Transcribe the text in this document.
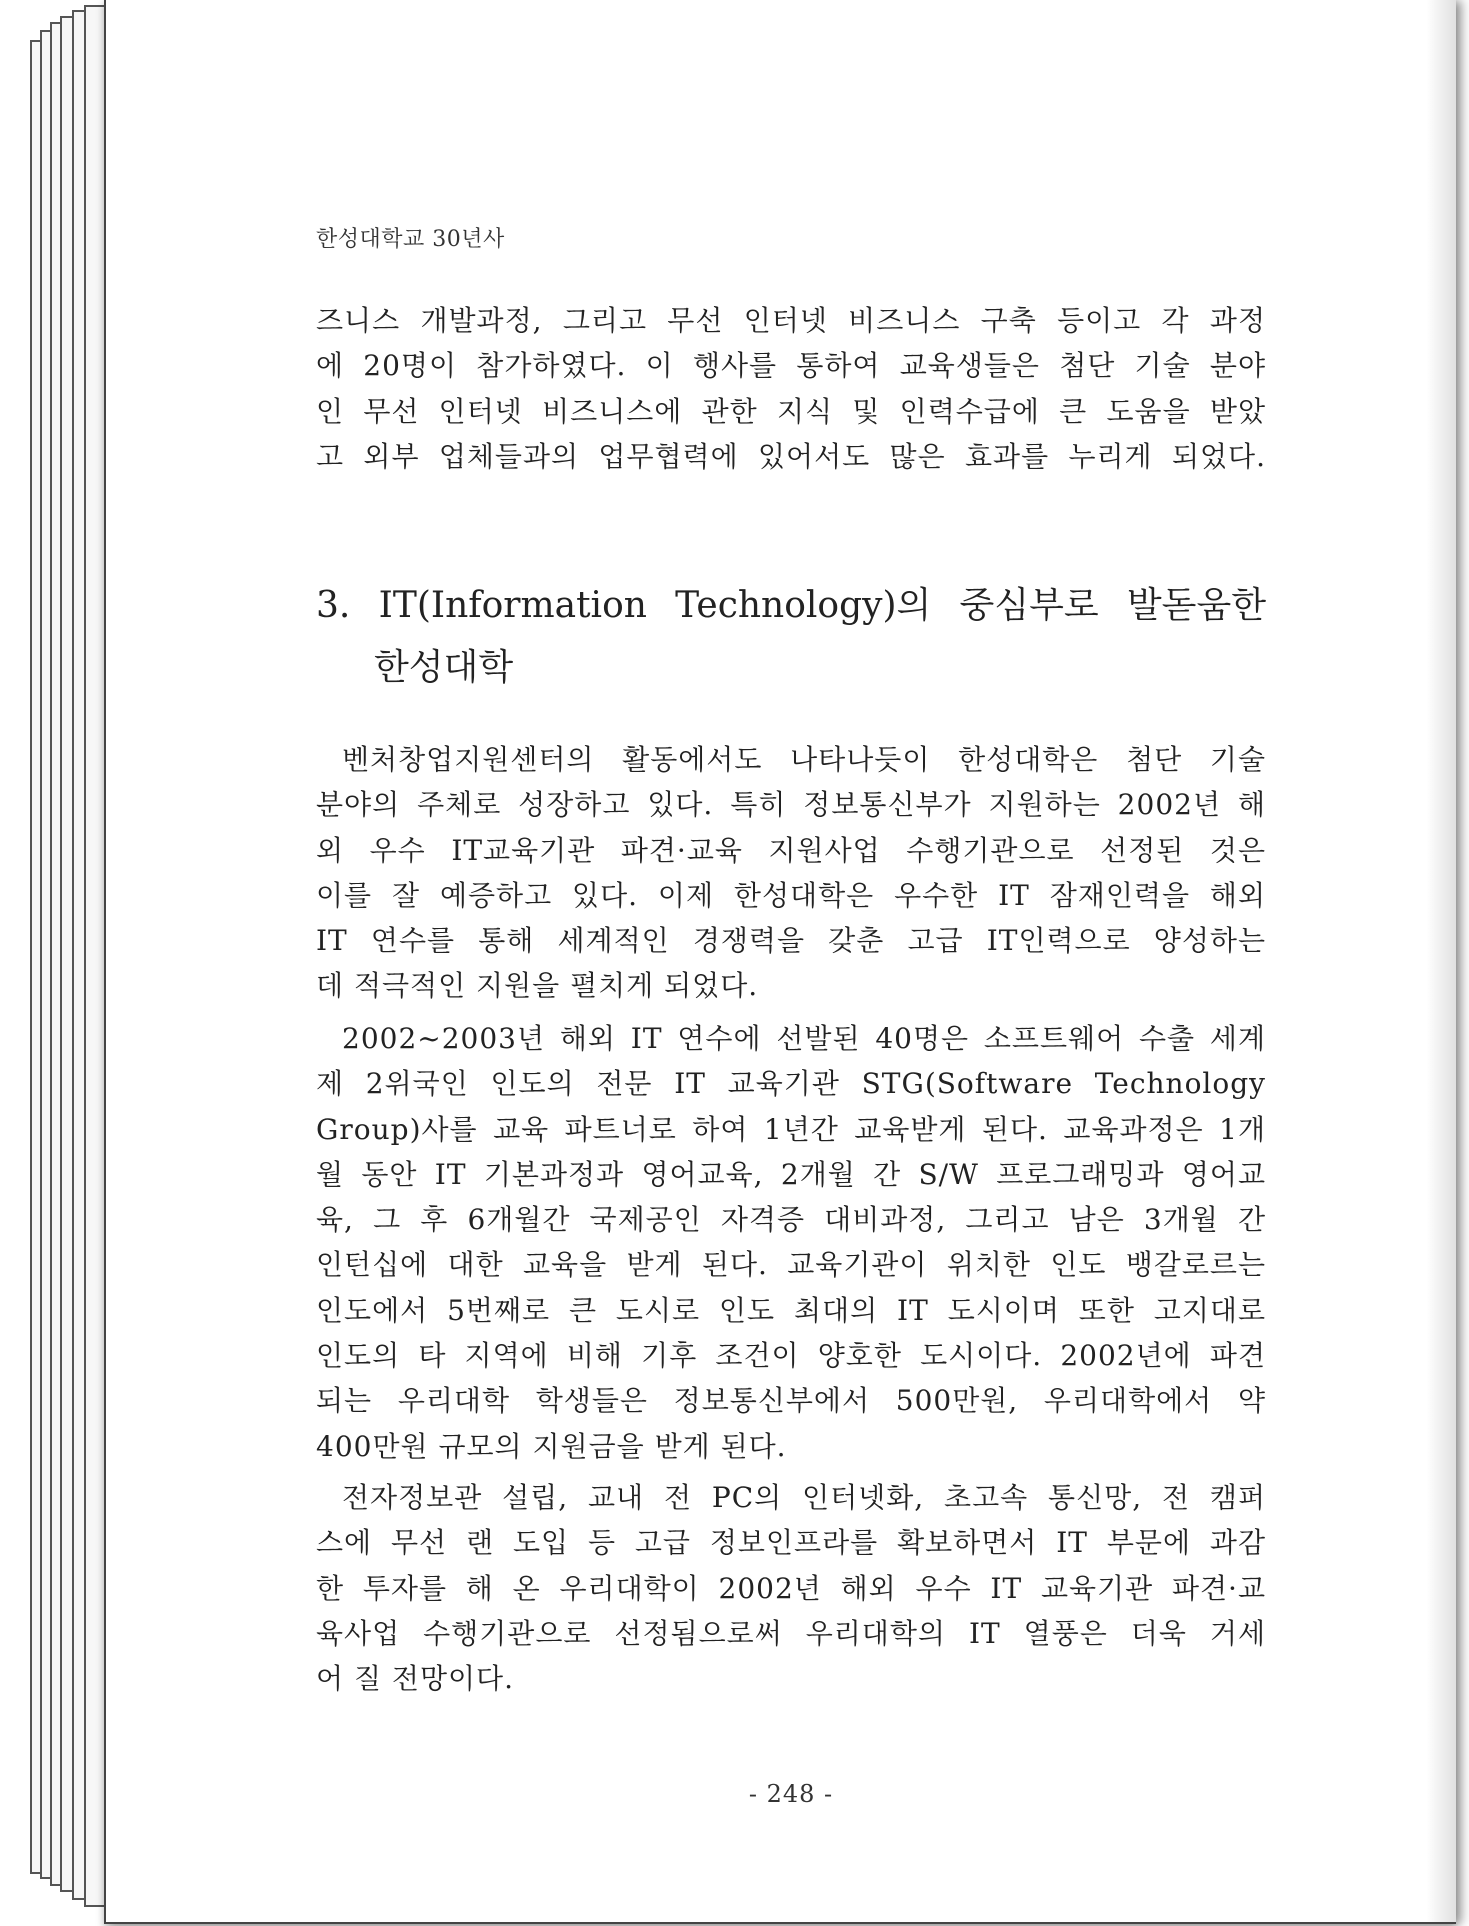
한성대학교 30년사
즈니스 개발과정, 그리고 무선 인터넷 비즈니스 구축 등이고 각 과정
에 20명이 참가하였다. 이 행사를 통하여 교육생들은 첨단 기술 분야
인 무선 인터넷 비즈니스에 관한 지식 및 인력수급에 큰 도움을 받았
고 외부 업체들과의 업무협력에 있어서도 많은 효과를 누리게 되었다.
3. IT(Information Technology)의 중심부로 발돋움한
한성대학
벤처창업지원센터의 활동에서도 나타나듯이 한성대학은 첨단 기술
분야의 주체로 성장하고 있다. 특히 정보통신부가 지원하는 2002년 해
외 우수 IT교육기관 파견·교육 지원사업 수행기관으로 선정된 것은
이를 잘 예증하고 있다. 이제 한성대학은 우수한 IT 잠재인력을 해외
IT 연수를 통해 세계적인 경쟁력을 갖춘 고급 IT인력으로 양성하는
데 적극적인 지원을 펼치게 되었다.
2002~2003년 해외 IT 연수에 선발된 40명은 소프트웨어 수출 세계
제 2위국인 인도의 전문 IT 교육기관 STG(Software Technology
Group)사를 교육 파트너로 하여 1년간 교육받게 된다. 교육과정은 1개
월 동안 IT 기본과정과 영어교육, 2개월 간 S/W 프로그래밍과 영어교
육, 그 후 6개월간 국제공인 자격증 대비과정, 그리고 남은 3개월 간
인턴십에 대한 교육을 받게 된다. 교육기관이 위치한 인도 뱅갈로르는
인도에서 5번째로 큰 도시로 인도 최대의 IT 도시이며 또한 고지대로
인도의 타 지역에 비해 기후 조건이 양호한 도시이다. 2002년에 파견
되는 우리대학 학생들은 정보통신부에서 500만원, 우리대학에서 약
400만원 규모의 지원금을 받게 된다.
전자정보관 설립, 교내 전 PC의 인터넷화, 초고속 통신망, 전 캠퍼
스에 무선 랜 도입 등 고급 정보인프라를 확보하면서 IT 부문에 과감
한 투자를 해 온 우리대학이 2002년 해외 우수 IT 교육기관 파견·교
육사업 수행기관으로 선정됨으로써 우리대학의 IT 열풍은 더욱 거세
어 질 전망이다.
- 248 -
